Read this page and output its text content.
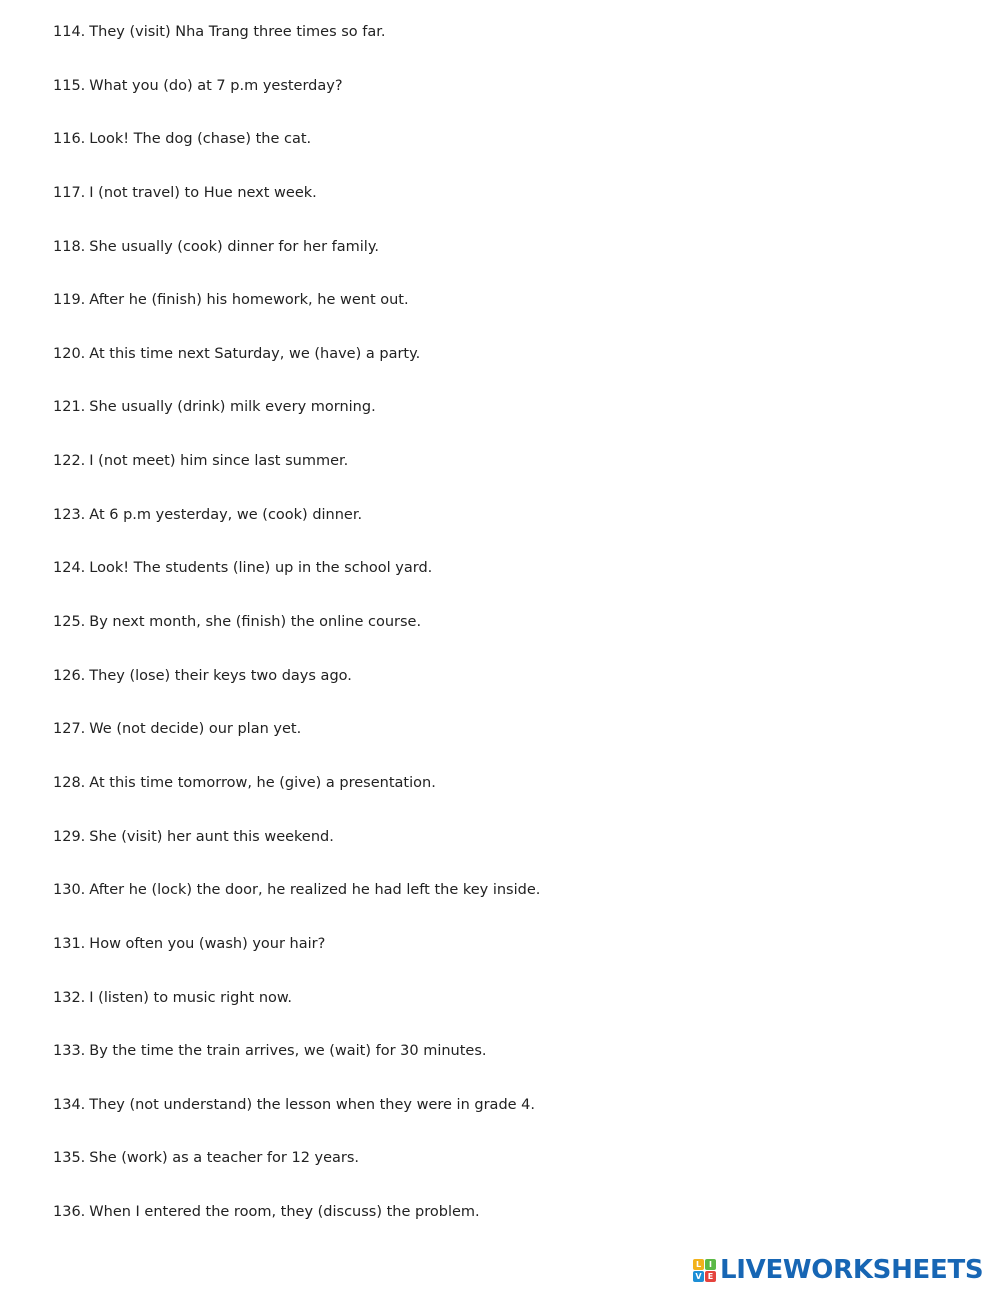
114. They (visit) Nha Trang three times so far.
115. What you (do) at 7 p.m yesterday?
116. Look! The dog (chase) the cat.
117. I (not travel) to Hue next week.
118. She usually (cook) dinner for her family.
119. After he (finish) his homework, he went out.
120. At this time next Saturday, we (have) a party.
121. She usually (drink) milk every morning.
122. I (not meet) him since last summer.
123. At 6 p.m yesterday, we (cook) dinner.
124. Look! The students (line) up in the school yard.
125. By next month, she (finish) the online course.
126. They (lose) their keys two days ago.
127. We (not decide) our plan yet.
128. At this time tomorrow, he (give) a presentation.
129. She (visit) her aunt this weekend.
130. After he (lock) the door, he realized he had left the key inside.
131. How often you (wash) your hair?
132. I (listen) to music right now.
133. By the time the train arrives, we (wait) for 30 minutes.
134. They (not understand) the lesson when they were in grade 4.
135. She (work) as a teacher for 12 years.
136. When I entered the room, they (discuss) the problem.
L I
V E LIVEWORKSHEETS
